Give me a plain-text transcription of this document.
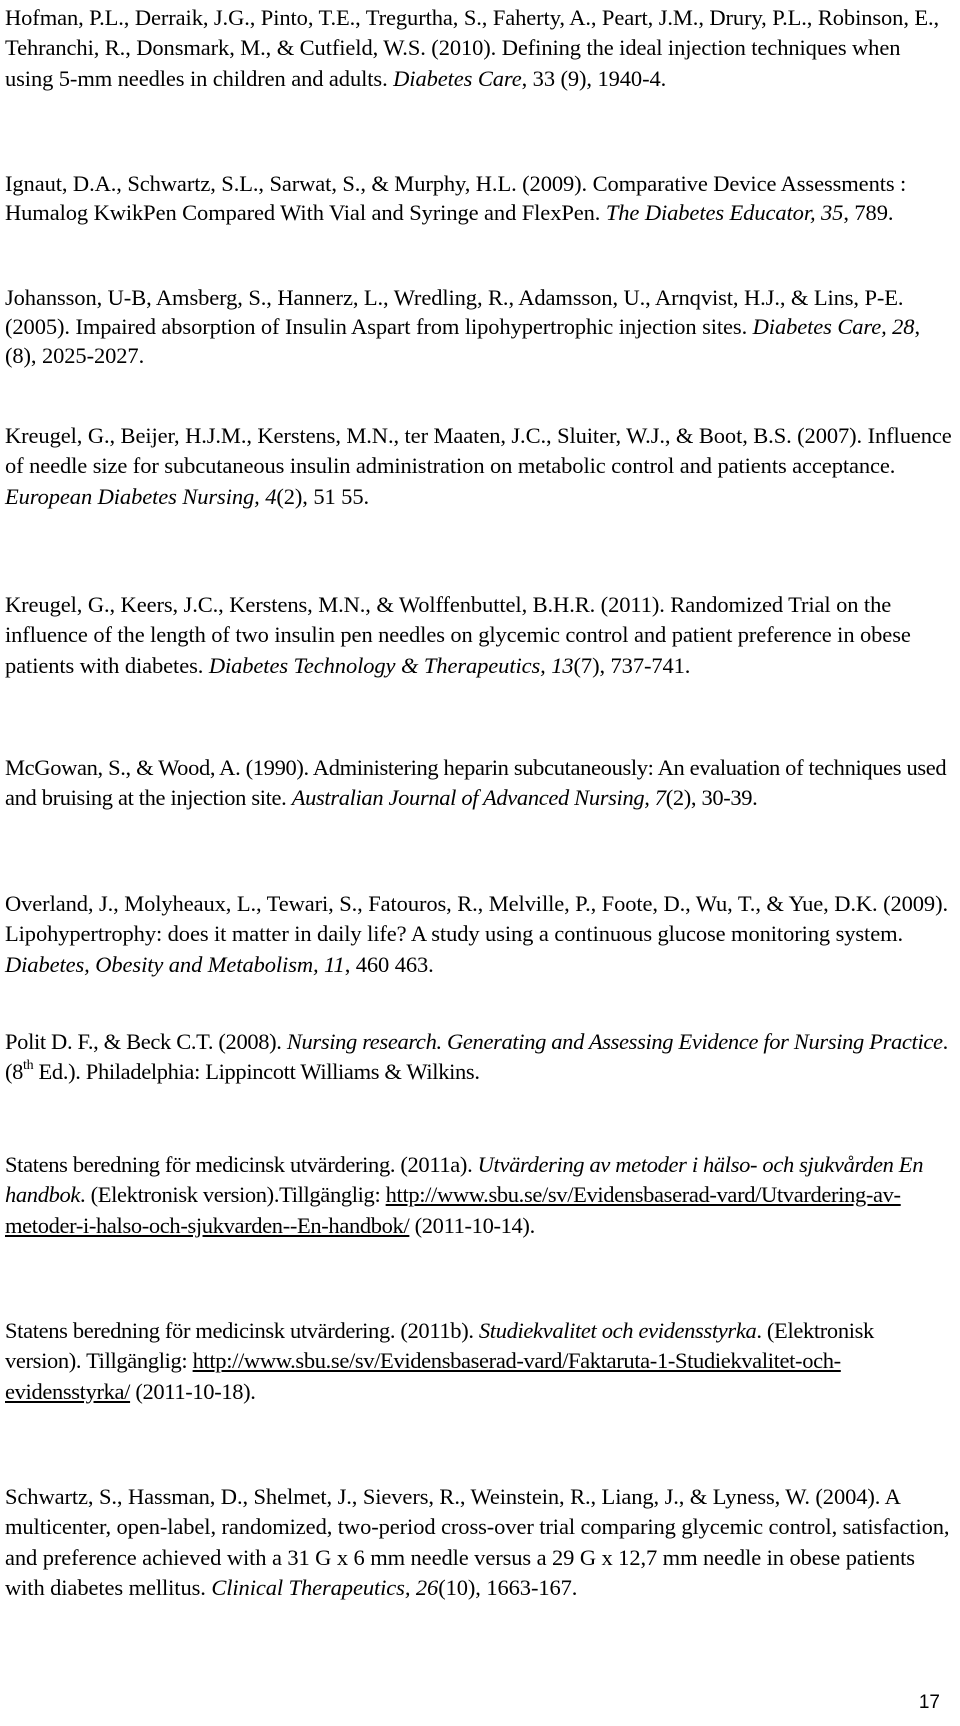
Hofman, P.L., Derraik, J.G., Pinto, T.E., Tregurtha, S., Faherty, A., Peart, J.M., Drury, P.L., Robinson, E., Tehranchi, R., Donsmark, M., & Cutfield, W.S. (2010). Defining the ideal injection techniques when using 5-mm needles in children and adults. Diabetes Care, 33 (9), 1940-4.
Ignaut, D.A., Schwartz, S.L., Sarwat, S., & Murphy, H.L. (2009). Comparative Device Assessments : Humalog KwikPen Compared With Vial and Syringe and FlexPen. The Diabetes Educator, 35, 789.
Johansson, U-B, Amsberg, S., Hannerz, L., Wredling, R., Adamsson, U., Arnqvist, H.J., & Lins, P-E. (2005). Impaired absorption of Insulin Aspart from lipohypertrophic injection sites. Diabetes Care, 28, (8), 2025-2027.
Kreugel, G., Beijer, H.J.M., Kerstens, M.N., ter Maaten, J.C., Sluiter, W.J., & Boot, B.S. (2007). Influence of needle size for subcutaneous insulin administration on metabolic control and patients acceptance. European Diabetes Nursing, 4(2), 51 55.
Kreugel, G., Keers, J.C., Kerstens, M.N., & Wolffenbuttel, B.H.R. (2011). Randomized Trial on the influence of the length of two insulin pen needles on glycemic control and patient preference in obese patients with diabetes. Diabetes Technology & Therapeutics, 13(7), 737-741.
McGowan, S., & Wood, A. (1990). Administering heparin subcutaneously: An evaluation of techniques used and bruising at the injection site. Australian Journal of Advanced Nursing, 7(2), 30-39.
Overland, J., Molyheaux, L., Tewari, S., Fatouros, R., Melville, P., Foote, D., Wu, T., & Yue, D.K. (2009). Lipohypertrophy: does it matter in daily life? A study using a continuous glucose monitoring system. Diabetes, Obesity and Metabolism, 11, 460 463.
Polit D. F., & Beck C.T. (2008). Nursing research. Generating and Assessing Evidence for Nursing Practice. (8th Ed.). Philadelphia: Lippincott Williams & Wilkins.
Statens beredning för medicinsk utvärdering. (2011a). Utvärdering av metoder i hälso- och sjukvården En handbok. (Elektronisk version).Tillgänglig: http://www.sbu.se/sv/Evidensbaserad-vard/Utvardering-av-metoder-i-halso-och-sjukvarden--En-handbok/ (2011-10-14).
Statens beredning för medicinsk utvärdering. (2011b). Studiekvalitet och evidensstyrka. (Elektronisk version). Tillgänglig: http://www.sbu.se/sv/Evidensbaserad-vard/Faktaruta-1-Studiekvalitet-och-evidensstyrka/ (2011-10-18).
Schwartz, S., Hassman, D., Shelmet, J., Sievers, R., Weinstein, R., Liang, J., & Lyness, W. (2004). A multicenter, open-label, randomized, two-period cross-over trial comparing glycemic control, satisfaction, and preference achieved with a 31 G x 6 mm needle versus a 29 G x 12,7 mm needle in obese patients with diabetes mellitus. Clinical Therapeutics, 26(10), 1663-167.
17
